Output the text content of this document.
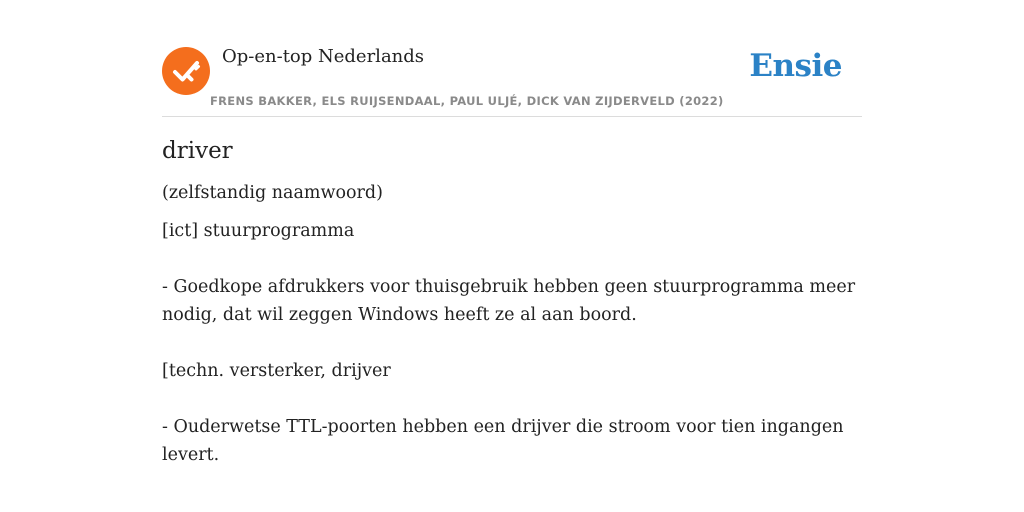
Op-en-top Nederlands
FRENS BAKKER, ELS RUIJSENDAAL, PAUL ULJÉ, DICK VAN ZIJDERVELD (2022)
Ensie
driver
(zelfstandig naamwoord)
[ict] stuurprogramma
- Goedkope afdrukkers voor thuisgebruik hebben geen stuurprogramma meer nodig, dat wil zeggen Windows heeft ze al aan boord.
[techn. versterker, drijver
- Ouderwetse TTL-poorten hebben een drijver die stroom voor tien ingangen levert.
